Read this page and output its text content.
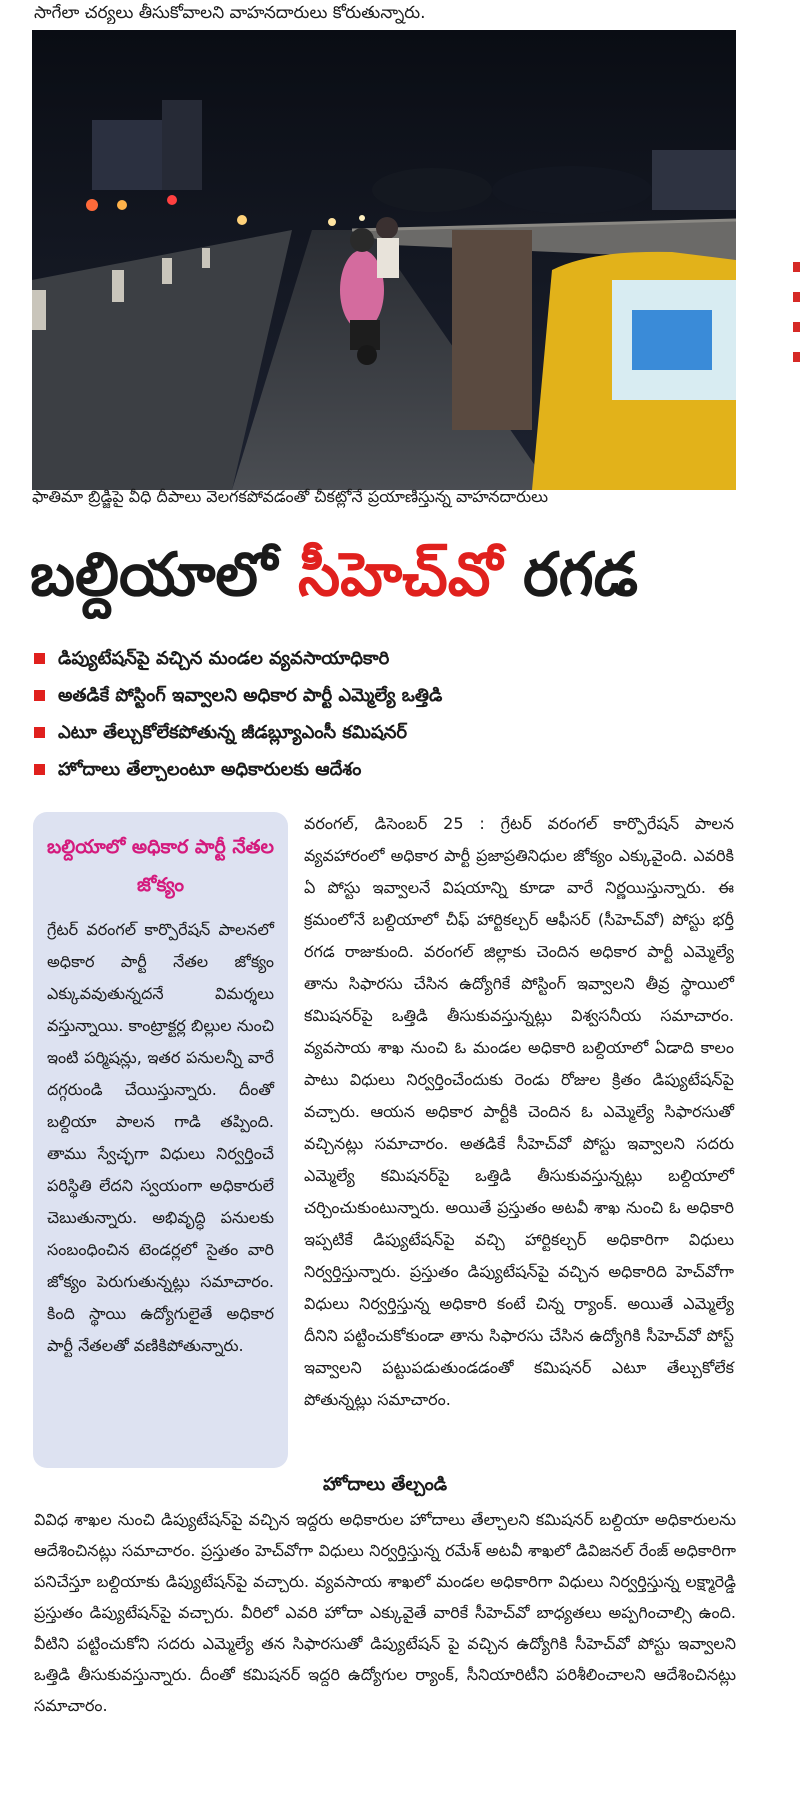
సాగేలా చర్యలు తీసుకోవాలని వాహనదారులు కోరుతున్నారు.
ఫాతిమా బ్రిడ్జిపై వీధి దీపాలు వెలగకపోవడంతో చీకట్లోనే ప్రయాణిస్తున్న వాహనదారులు
బల్దియాలో సీహెచ్‌వో రగడ
డిప్యుటేషన్‌పై వచ్చిన మండల వ్యవసాయాధికారి
అతడికే పోస్టింగ్ ఇవ్వాలని అధికార పార్టీ ఎమ్మెల్యే ఒత్తిడి
ఎటూ తేల్చుకోలేకపోతున్న జీడబ్ల్యూఎంసీ కమిషనర్
హోదాలు తేల్చాలంటూ అధికారులకు ఆదేశం
బల్దియాలో అధికార పార్టీ నేతల జోక్యం
గ్రేటర్ వరంగల్ కార్పొరేషన్ పాలనలో అధికార పార్టీ నేతల జోక్యం ఎక్కువవుతున్నదనే విమర్శలు వస్తున్నాయి. కాంట్రాక్టర్ల బిల్లుల నుంచి ఇంటి పర్మిషన్లు, ఇతర పనులన్నీ వారే దగ్గరుండి చేయిస్తున్నారు. దీంతో బల్దియా పాలన గాడి తప్పింది. తాము స్వేచ్ఛగా విధులు నిర్వర్తించే పరిస్థితి లేదని స్వయంగా అధికారులే చెబుతున్నారు. అభివృద్ధి పనులకు సంబంధించిన టెండర్లలో సైతం వారి జోక్యం పెరుగుతున్నట్లు సమాచారం. కింది స్థాయి ఉద్యోగులైతే అధికార పార్టీ నేతలతో వణికిపోతున్నారు.
వరంగల్, డిసెంబర్ 25 : గ్రేటర్ వరంగల్ కార్పొరేషన్ పాలన వ్యవహారంలో అధికార పార్టీ ప్రజాప్రతినిధుల జోక్యం ఎక్కువైంది. ఎవరికి ఏ పోస్టు ఇవ్వాలనే విషయాన్ని కూడా వారే నిర్ణయిస్తున్నారు. ఈ క్రమంలోనే బల్దియాలో చీఫ్ హార్టికల్చర్ ఆఫీసర్ (సీహెచ్‌వో) పోస్టు భర్తీ రగడ రాజుకుంది. వరంగల్ జిల్లాకు చెందిన అధికార పార్టీ ఎమ్మెల్యే తాను సిఫారసు చేసిన ఉద్యోగికే పోస్టింగ్ ఇవ్వాలని తీవ్ర స్థాయిలో కమిషనర్‌పై ఒత్తిడి తీసుకువస్తున్నట్లు విశ్వసనీయ సమాచారం. వ్యవసాయ శాఖ నుంచి ఓ మండల అధికారి బల్దియాలో ఏడాది కాలం పాటు విధులు నిర్వర్తించేందుకు రెండు రోజుల క్రితం డిప్యుటేషన్‌పై వచ్చారు. ఆయన అధికార పార్టీకి చెందిన ఓ ఎమ్మెల్యే సిఫారసుతో వచ్చినట్లు సమాచారం. అతడికే సీహెచ్‌వో పోస్టు ఇవ్వాలని సదరు ఎమ్మెల్యే కమిషనర్‌పై ఒత్తిడి తీసుకువస్తున్నట్లు బల్దియాలో చర్చించుకుంటున్నారు. అయితే ప్రస్తుతం అటవీ శాఖ నుంచి ఓ అధికారి ఇప్పటికే డిప్యుటేషన్‌పై వచ్చి హార్టికల్చర్ అధికారిగా విధులు నిర్వర్తిస్తున్నారు. ప్రస్తుతం డిప్యుటేషన్‌పై వచ్చిన అధికారిది హెచ్‌వోగా విధులు నిర్వర్తిస్తున్న అధికారి కంటే చిన్న ర్యాంక్. అయితే ఎమ్మెల్యే దీనిని పట్టించుకోకుండా తాను సిఫారసు చేసిన ఉద్యోగికి సీహెచ్‌వో పోస్ట్ ఇవ్వాలని పట్టుపడుతుండడంతో కమిషనర్ ఎటూ తేల్చుకోలేక పోతున్నట్లు సమాచారం.
హోదాలు తేల్చండి
వివిధ శాఖల నుంచి డిప్యుటేషన్‌పై వచ్చిన ఇద్దరు అధికారుల హోదాలు తేల్చాలని కమిషనర్ బల్దియా అధికారులను ఆదేశించినట్లు సమాచారం. ప్రస్తుతం హెచ్‌వోగా విధులు నిర్వర్తిస్తున్న రమేశ్ అటవీ శాఖలో డివిజనల్ రేంజ్ అధికారిగా పనిచేస్తూ బల్దియాకు డిప్యుటేషన్‌పై వచ్చారు. వ్యవసాయ శాఖలో మండల అధికారిగా విధులు నిర్వర్తిస్తున్న లక్ష్మారెడ్డి ప్రస్తుతం డిప్యుటేషన్‌పై వచ్చారు. వీరిలో ఎవరి హోదా ఎక్కువైతే వారికే సీహెచ్‌వో బాధ్యతలు అప్పగించాల్సి ఉంది. వీటిని పట్టించుకోని సదరు ఎమ్మెల్యే తన సిఫారసుతో డిప్యుటేషన్ పై వచ్చిన ఉద్యోగికి సీహెచ్‌వో పోస్టు ఇవ్వాలని ఒత్తిడి తీసుకువస్తున్నారు. దీంతో కమిషనర్ ఇద్దరి ఉద్యోగుల ర్యాంక్, సీనియారిటీని పరిశీలించాలని ఆదేశించినట్లు సమాచారం.
